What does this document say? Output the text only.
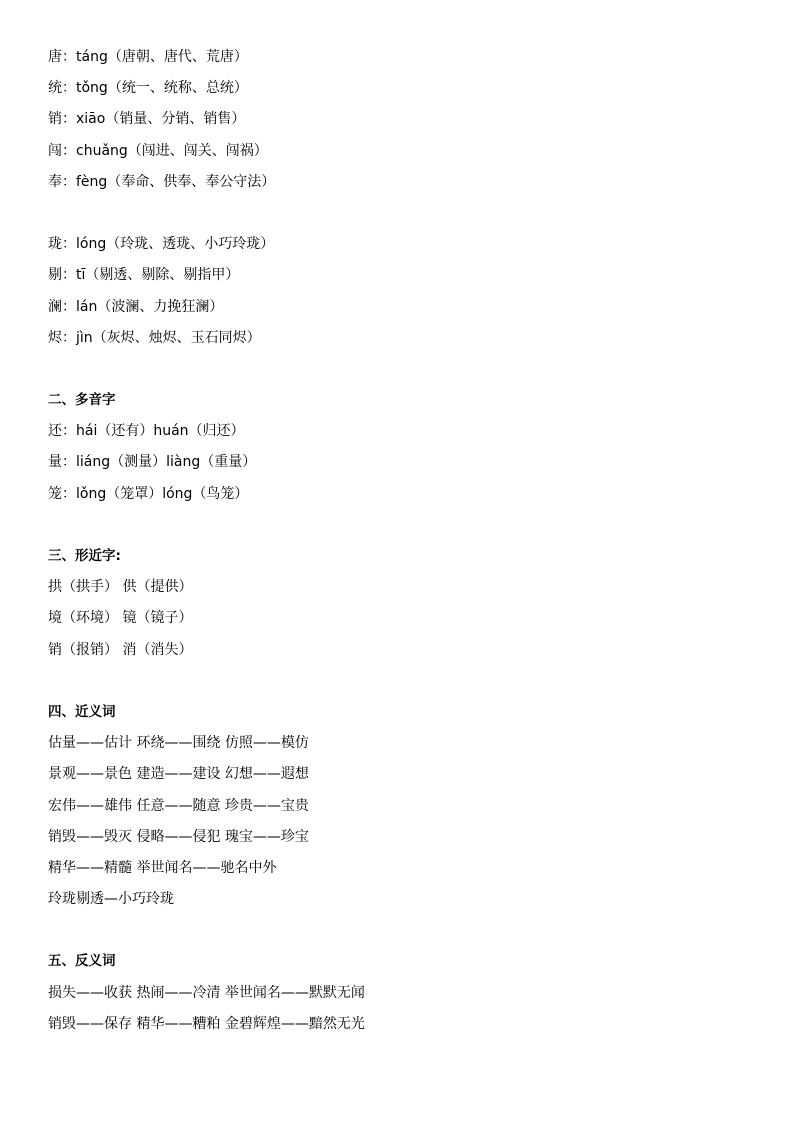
唐：táng（唐朝、唐代、荒唐）
统：tǒng（统一、统称、总统）
销：xiāo（销量、分销、销售）
闯：chuǎng（闯进、闯关、闯祸）
奉：fèng（奉命、供奉、奉公守法）
珑：lóng（玲珑、透珑、小巧玲珑）
剔：tī（剔透、剔除、剔指甲）
澜：lán（波澜、力挽狂澜）
烬：jìn（灰烬、烛烬、玉石同烬）
二、多音字
还：hái（还有）huán（归还）
量：liáng（测量）liàng（重量）
笼：lǒng（笼罩）lóng（鸟笼）
三、形近字:
拱（拱手） 供（提供）
境（环境） 镜（镜子）
销（报销） 消（消失）
四、近义词
估量——估计 环绕——围绕 仿照——模仿
景观——景色 建造——建设 幻想——遐想
宏伟——雄伟 任意——随意 珍贵——宝贵
销毁——毁灭 侵略——侵犯 瑰宝——珍宝
精华——精髓 举世闻名——驰名中外
玲珑剔透—小巧玲珑
五、反义词
损失——收获 热闹——冷清 举世闻名——默默无闻
销毁——保存 精华——糟粕 金碧辉煌——黯然无光
